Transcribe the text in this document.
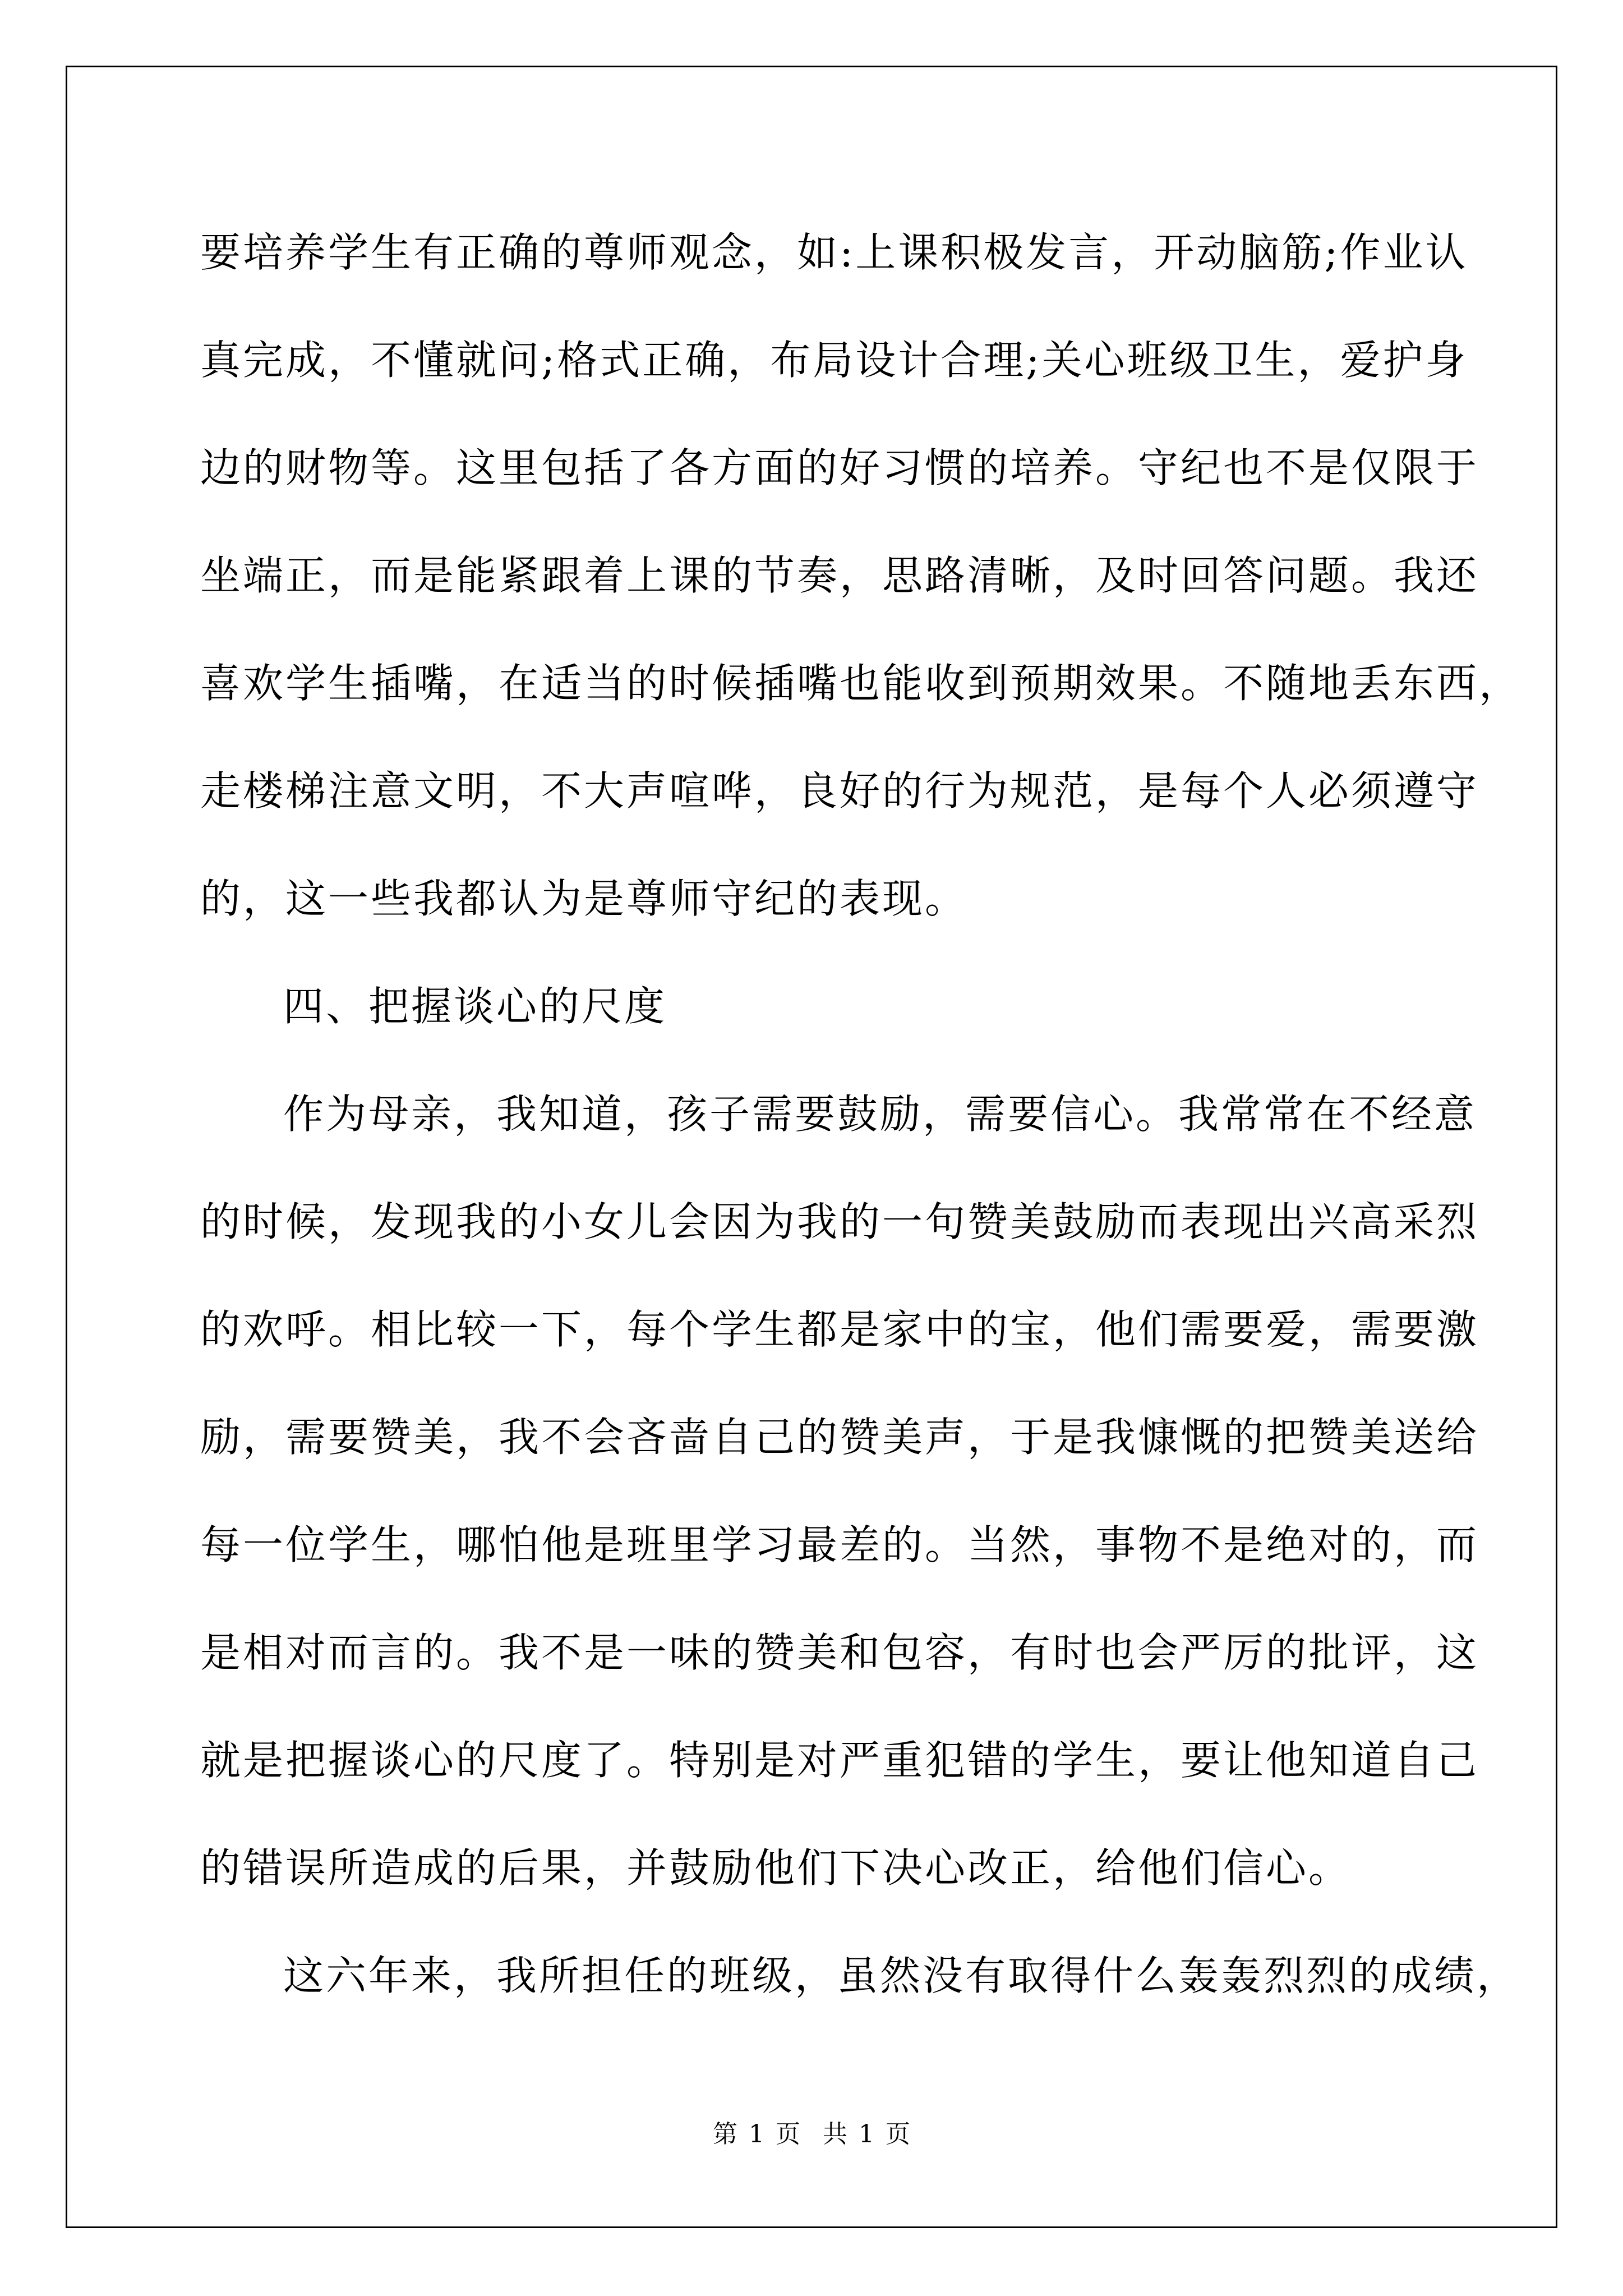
要培养学生有正确的尊师观念，如:上课积极发言，开动脑筋;作业认
真完成，不懂就问;格式正确，布局设计合理;关心班级卫生，爱护身
边的财物等。这里包括了各方面的好习惯的培养。守纪也不是仅限于
坐端正，而是能紧跟着上课的节奏，思路清晰，及时回答问题。我还
喜欢学生插嘴，在适当的时候插嘴也能收到预期效果。不随地丢东西，
走楼梯注意文明，不大声喧哗，良好的行为规范，是每个人必须遵守
的，这一些我都认为是尊师守纪的表现。
四、把握谈心的尺度
作为母亲，我知道，孩子需要鼓励，需要信心。我常常在不经意
的时候，发现我的小女儿会因为我的一句赞美鼓励而表现出兴高采烈
的欢呼。相比较一下，每个学生都是家中的宝，他们需要爱，需要激
励，需要赞美，我不会吝啬自己的赞美声，于是我慷慨的把赞美送给
每一位学生，哪怕他是班里学习最差的。当然，事物不是绝对的，而
是相对而言的。我不是一味的赞美和包容，有时也会严厉的批评，这
就是把握谈心的尺度了。特别是对严重犯错的学生，要让他知道自己
的错误所造成的后果，并鼓励他们下决心改正，给他们信心。
这六年来，我所担任的班级，虽然没有取得什么轰轰烈烈的成绩，
第 1 页 共 1 页
